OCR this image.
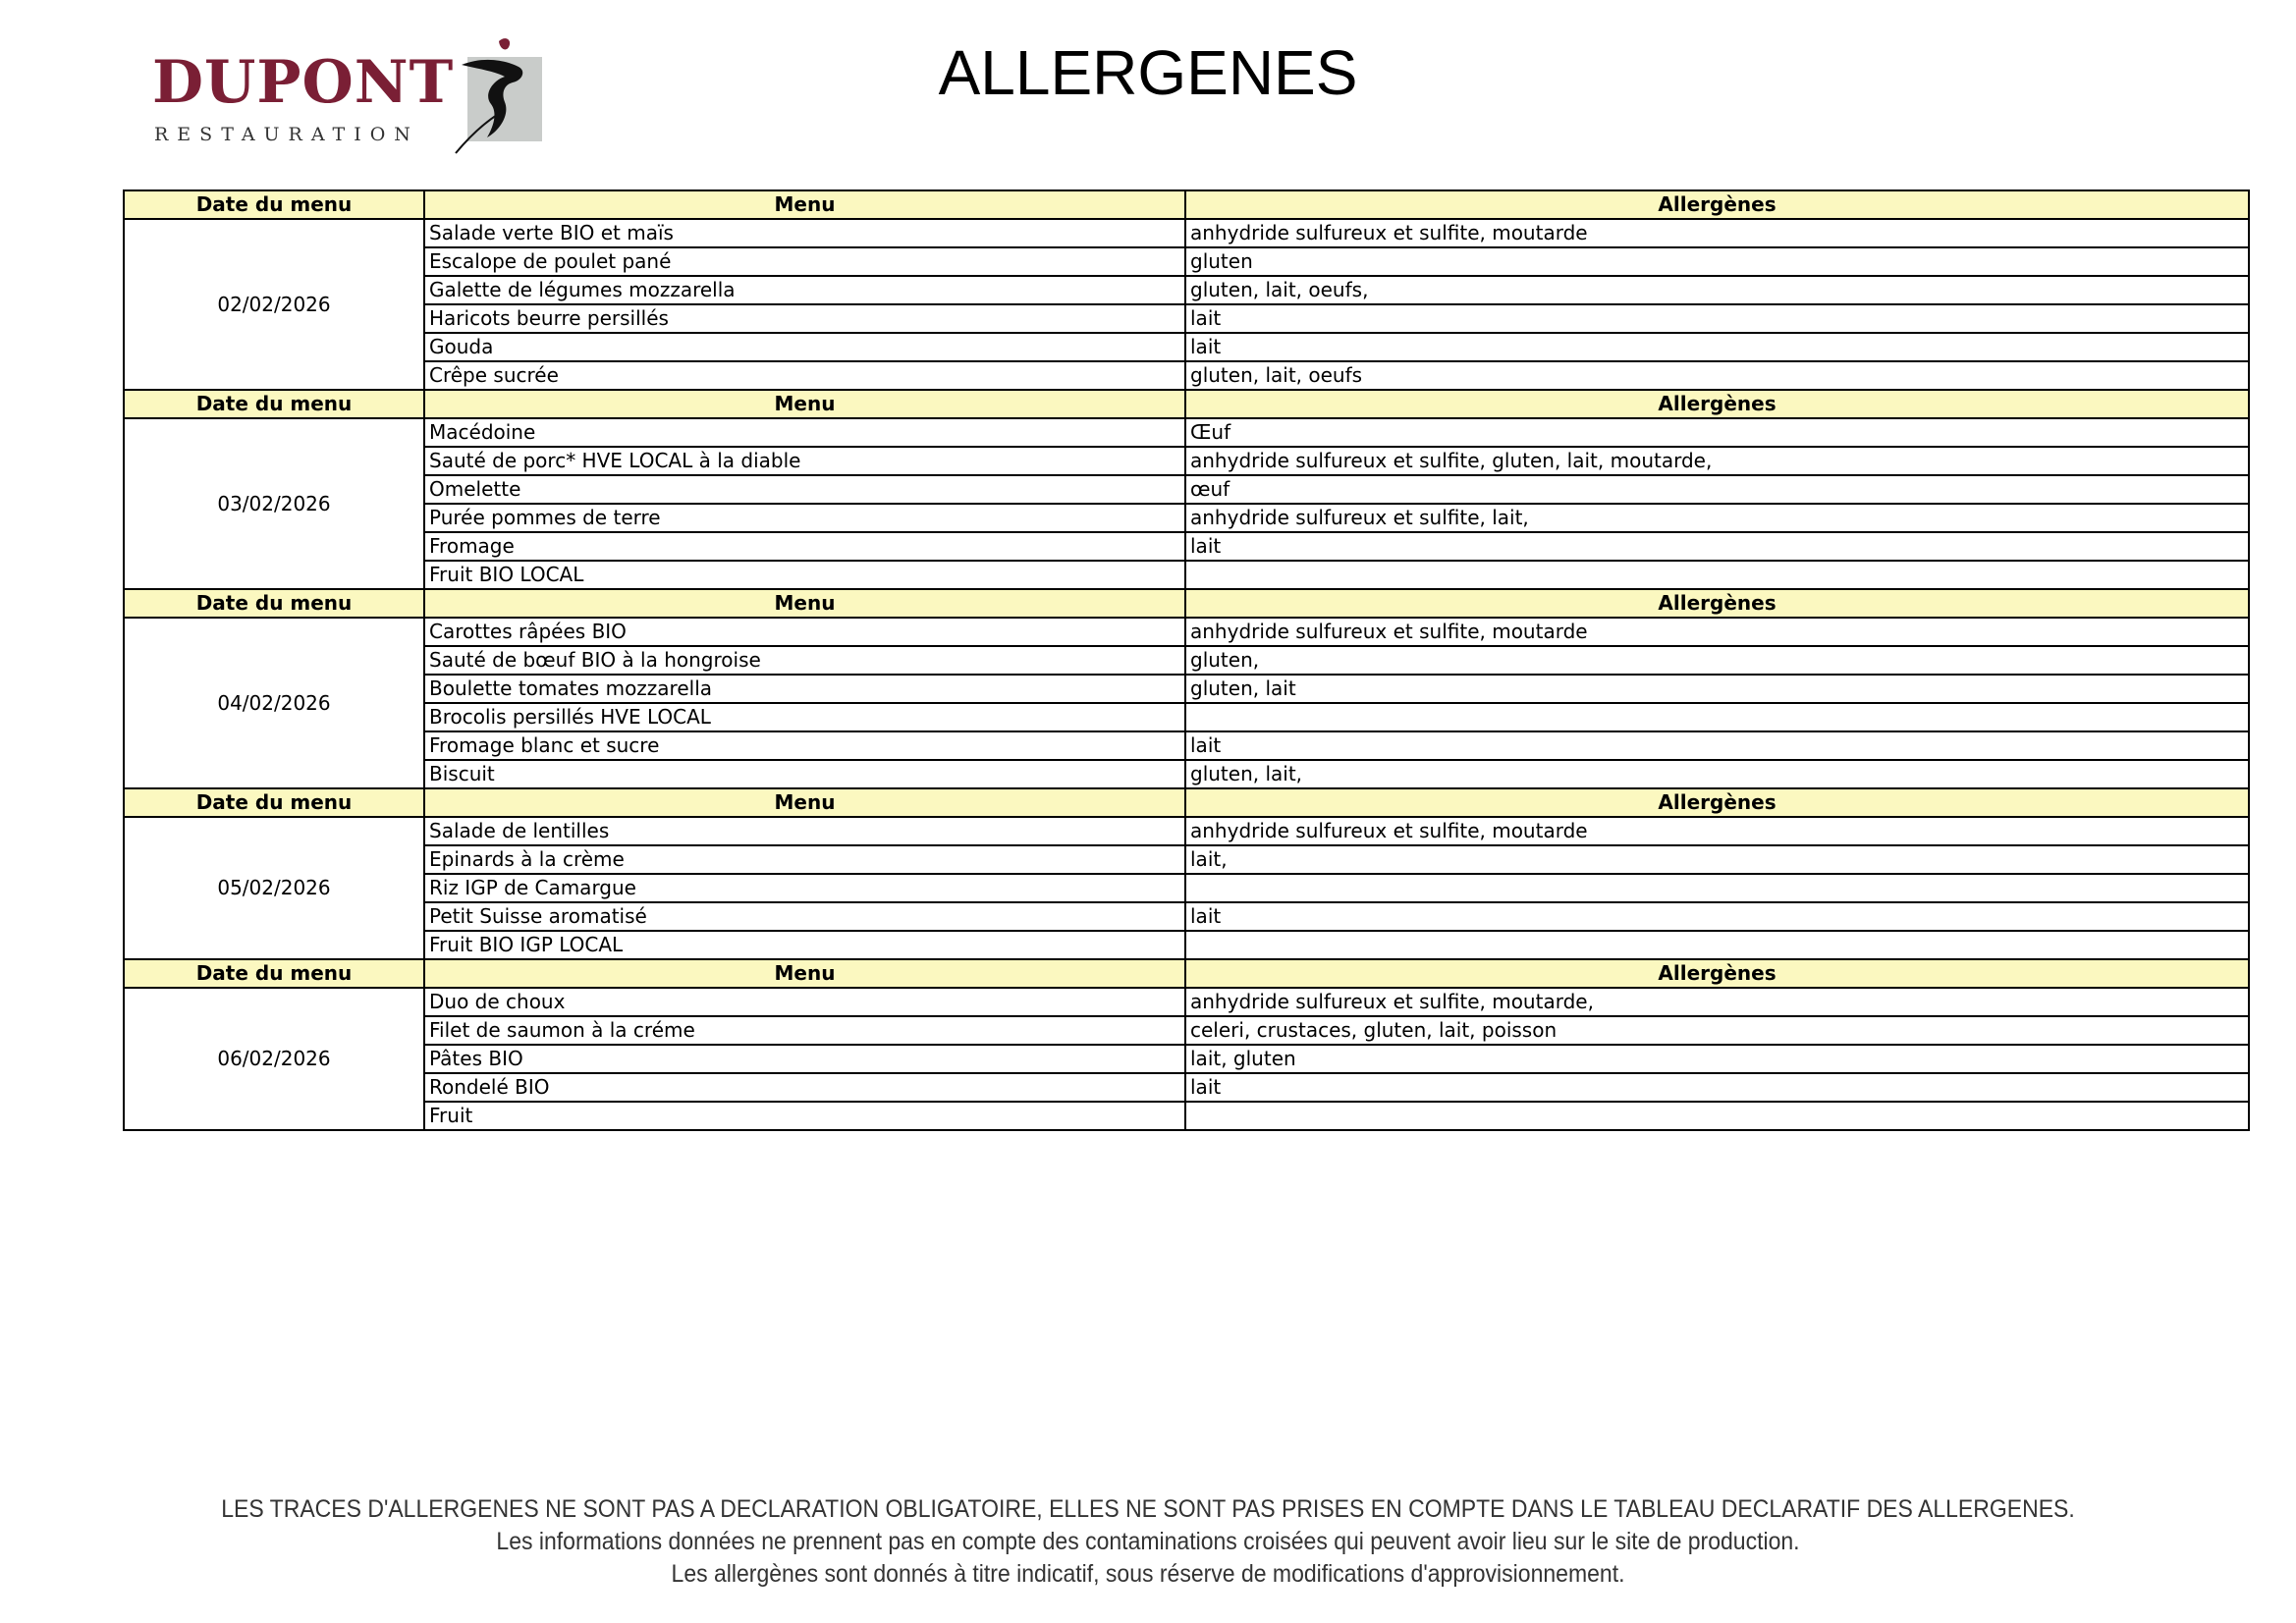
DUPONT
RESTAURATION
ALLERGENES
Date du menu	Menu	Allergènes
02/02/2026	Salade verte BIO et maïs	anhydride sulfureux et sulfite, moutarde
	Escalope de poulet pané	gluten
	Galette de légumes mozzarella	gluten, lait, oeufs,
	Haricots beurre persillés	lait
	Gouda	lait
	Crêpe sucrée	gluten, lait, oeufs
Date du menu	Menu	Allergènes
03/02/2026	Macédoine	Œuf
	Sauté de porc* HVE LOCAL à la diable	anhydride sulfureux et sulfite, gluten, lait, moutarde,
	Omelette	œuf
	Purée pommes de terre	anhydride sulfureux et sulfite, lait,
	Fromage	lait
	Fruit BIO LOCAL	
Date du menu	Menu	Allergènes
04/02/2026	Carottes râpées BIO	anhydride sulfureux et sulfite, moutarde
	Sauté de bœuf BIO à la hongroise	gluten,
	Boulette tomates mozzarella	gluten, lait
	Brocolis persillés HVE LOCAL	
	Fromage blanc et sucre	lait
	Biscuit	gluten, lait,
Date du menu	Menu	Allergènes
05/02/2026	Salade de lentilles	anhydride sulfureux et sulfite, moutarde
	Epinards à la crème	lait,
	Riz IGP de Camargue	
	Petit Suisse aromatisé	lait
	Fruit BIO IGP LOCAL	
Date du menu	Menu	Allergènes
06/02/2026	Duo de choux	anhydride sulfureux et sulfite, moutarde,
	Filet de saumon à la créme	celeri, crustaces, gluten, lait, poisson
	Pâtes BIO	lait, gluten
	Rondelé BIO	lait
	Fruit	
LES TRACES D'ALLERGENES NE SONT PAS A DECLARATION OBLIGATOIRE, ELLES NE SONT PAS PRISES EN COMPTE DANS LE TABLEAU DECLARATIF DES ALLERGENES.
Les informations données ne prennent pas en compte des contaminations croisées qui peuvent avoir lieu sur le site de production.
Les allergènes sont donnés à titre indicatif, sous réserve de modifications d'approvisionnement.
